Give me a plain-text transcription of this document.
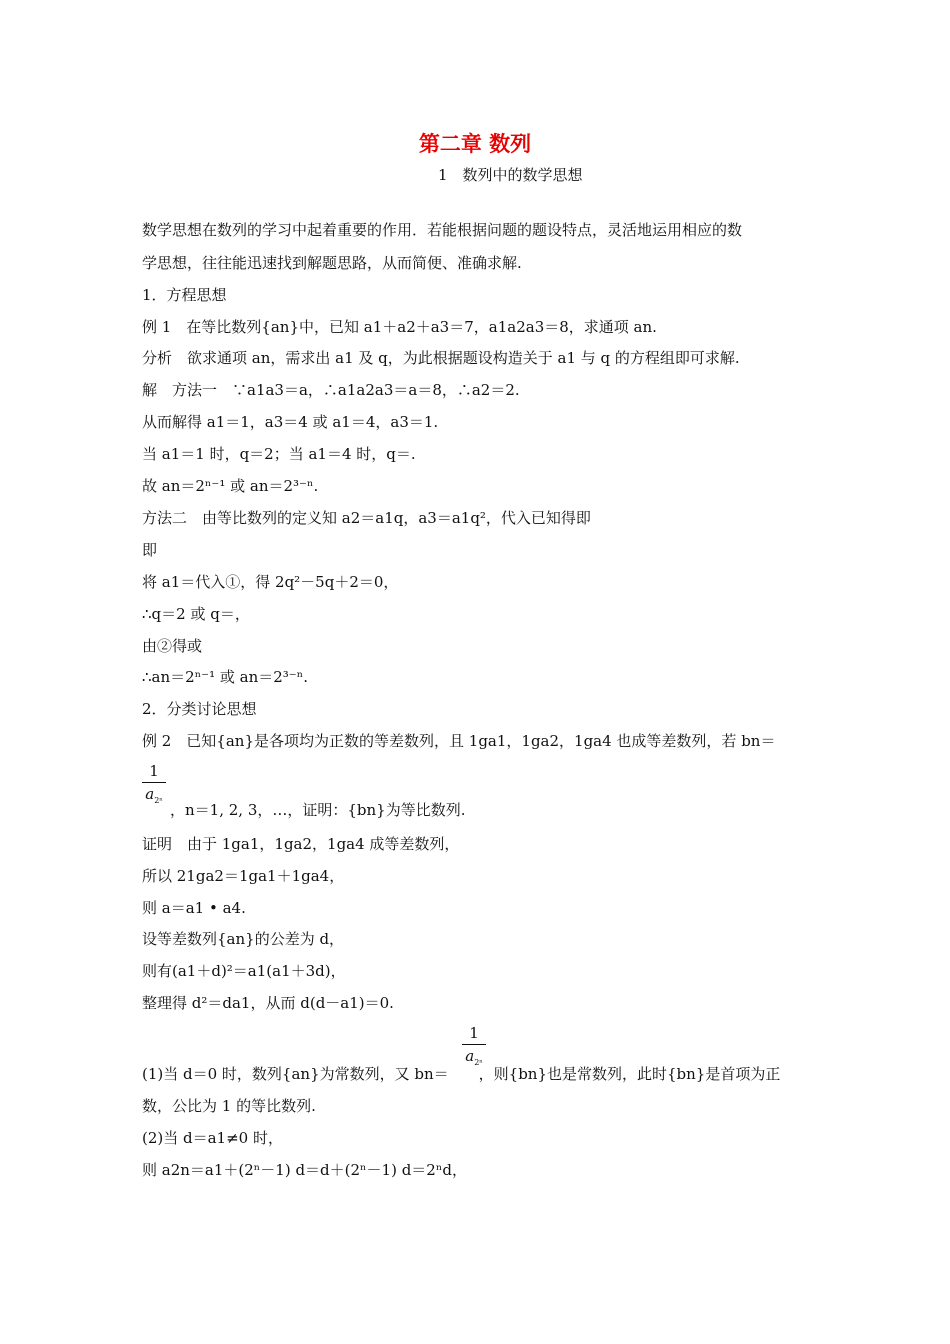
第二章 数列
1　数列中的数学思想
数学思想在数列的学习中起着重要的作用．若能根据问题的题设特点，灵活地运用相应的数
学思想，往往能迅速找到解题思路，从而简便、准确求解.
1．方程思想
例 1　在等比数列{an}中，已知 a1＋a2＋a3＝7，a1a2a3＝8，求通项 an.
分析　欲求通项 an，需求出 a1 及 q，为此根据题设构造关于 a1 与 q 的方程组即可求解.
解　方法一　∵a1a3＝a，∴a1a2a3＝a＝8，∴a2＝2.
从而解得 a1＝1，a3＝4 或 a1＝4，a3＝1.
当 a1＝1 时，q＝2；当 a1＝4 时，q＝.
故 an＝2ⁿ⁻¹ 或 an＝2³⁻ⁿ.
方法二　由等比数列的定义知 a2＝a1q，a3＝a1q²，代入已知得即
即
将 a1＝代入①，得 2q²－5q＋2＝0，
∴q＝2 或 q＝，
由②得或
∴an＝2ⁿ⁻¹ 或 an＝2³⁻ⁿ.
2．分类讨论思想
例 2　已知{an}是各项均为正数的等差数列，且 1ga1，1ga2，1ga4 也成等差数列，若 bn＝
1
$a_{2^n}$
，n＝1, 2, 3，…，证明：{bn}为等比数列.
证明　由于 1ga1，1ga2，1ga4 成等差数列，
所以 21ga2＝1ga1＋1ga4，
则 a＝a1 • a4.
设等差数列{an}的公差为 d，
则有(a1＋d)²＝a1(a1＋3d)，
整理得 d²＝da1，从而 d(d－a1)＝0.
1
$a_{2^n}$
(1)当 d＝0 时，数列{an}为常数列，又 bn＝　　，则{bn}也是常数列，此时{bn}是首项为正
数，公比为 1 的等比数列.
(2)当 d＝a1≠0 时，
则 a2n＝a1＋(2ⁿ－1) d＝d＋(2ⁿ－1) d＝2ⁿd，
